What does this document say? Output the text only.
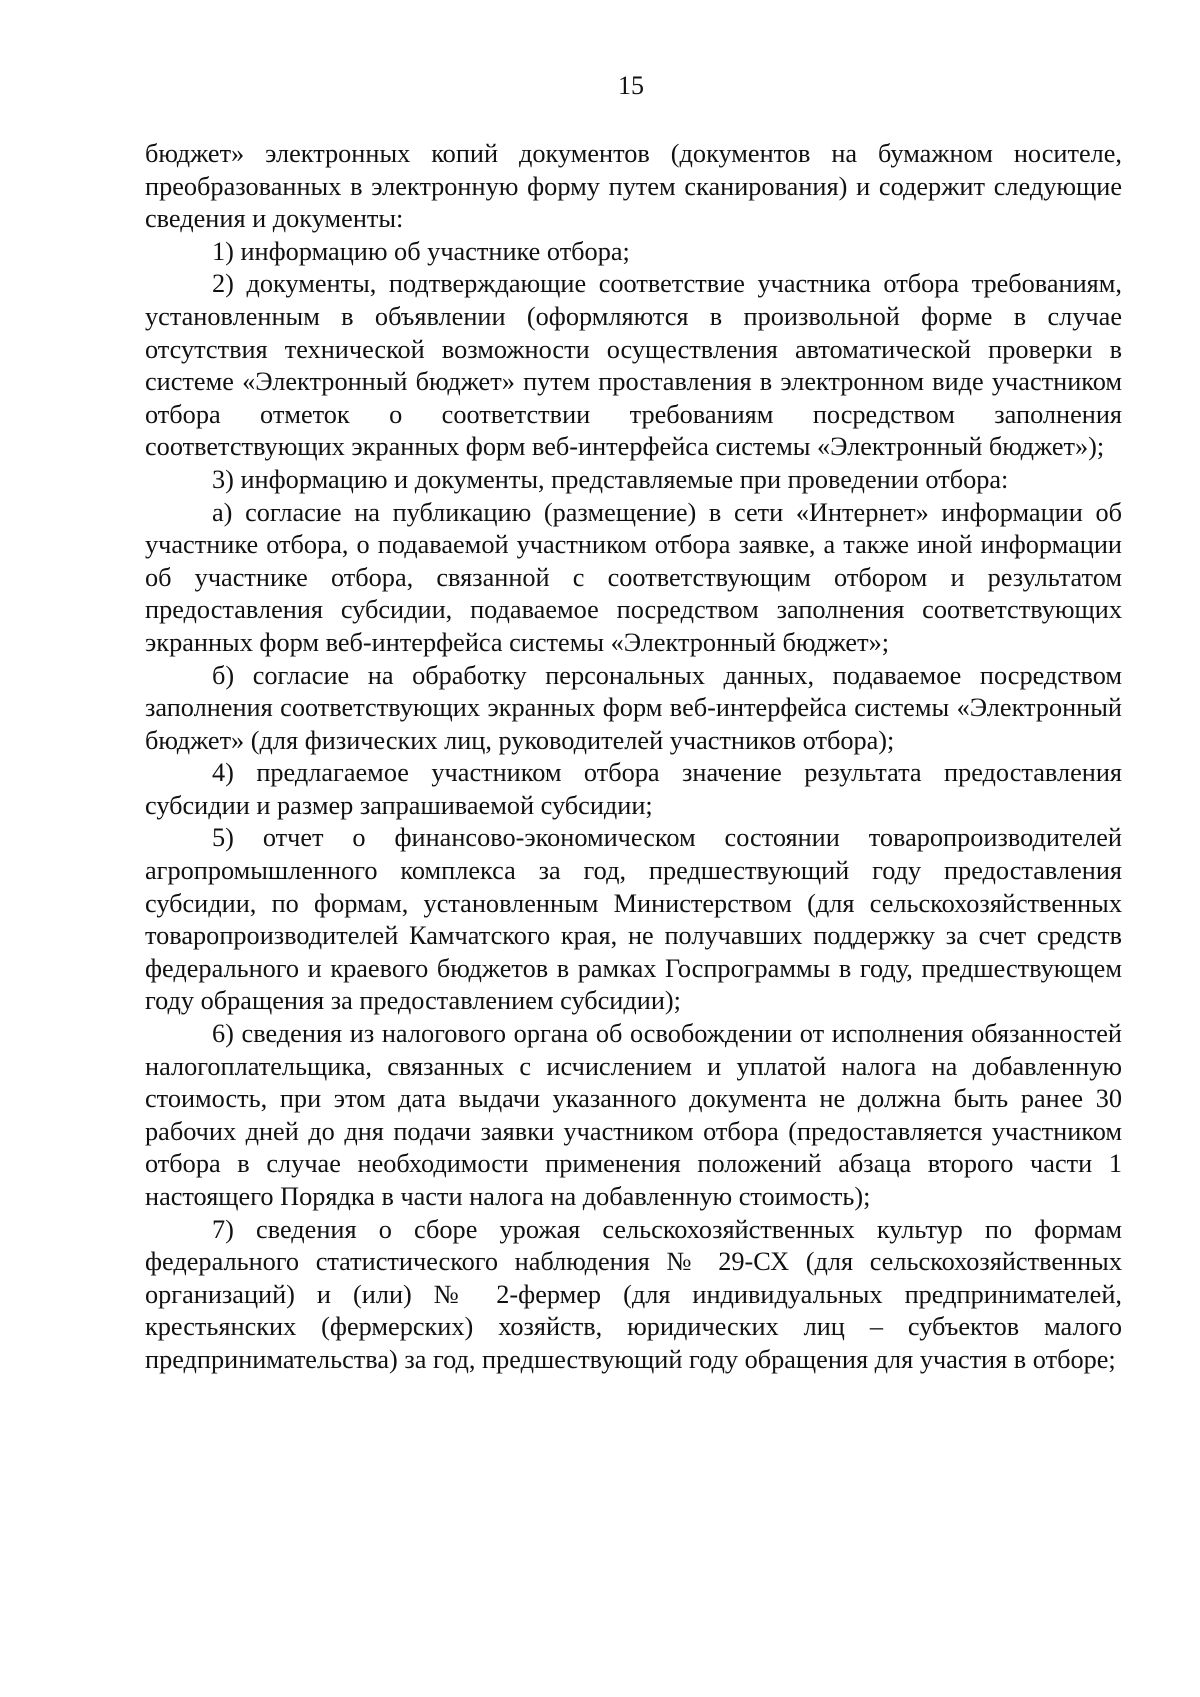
15

бюджет» электронных копий документов (документов на бумажном носителе, преобразованных в электронную форму путем сканирования) и содержит следующие сведения и документы:

1) информацию об участнике отбора;

2) документы, подтверждающие соответствие участника отбора требованиям, установленным в объявлении (оформляются в произвольной форме в случае отсутствия технической возможности осуществления автоматической проверки в системе «Электронный бюджет» путем проставления в электронном виде участником отбора отметок о соответствии требованиям посредством заполнения соответствующих экранных форм веб-интерфейса системы «Электронный бюджет»);

3) информацию и документы, представляемые при проведении отбора:

а) согласие на публикацию (размещение) в сети «Интернет» информации об участнике отбора, о подаваемой участником отбора заявке, а также иной информации об участнике отбора, связанной с соответствующим отбором и результатом предоставления субсидии, подаваемое посредством заполнения соответствующих экранных форм веб-интерфейса системы «Электронный бюджет»;

б) согласие на обработку персональных данных, подаваемое посредством заполнения соответствующих экранных форм веб-интерфейса системы «Электронный бюджет» (для физических лиц, руководителей участников отбора);

4) предлагаемое участником отбора значение результата предоставления субсидии и размер запрашиваемой субсидии;

5) отчет о финансово-экономическом состоянии товаропроизводителей агропромышленного комплекса за год, предшествующий году предоставления субсидии, по формам, установленным Министерством (для сельскохозяйственных товаропроизводителей Камчатского края, не получавших поддержку за счет средств федерального и краевого бюджетов в рамках Госпрограммы в году, предшествующем году обращения за предоставлением субсидии);

6) сведения из налогового органа об освобождении от исполнения обязанностей налогоплательщика, связанных с исчислением и уплатой налога на добавленную стоимость, при этом дата выдачи указанного документа не должна быть ранее 30 рабочих дней до дня подачи заявки участником отбора (предоставляется участником отбора в случае необходимости применения положений абзаца второго части 1 настоящего Порядка в части налога на добавленную стоимость);

7) сведения о сборе урожая сельскохозяйственных культур по формам федерального статистического наблюдения № 29-СХ (для сельскохозяйственных организаций) и (или) № 2-фермер (для индивидуальных предпринимателей, крестьянских (фермерских) хозяйств, юридических лиц – субъектов малого предпринимательства) за год, предшествующий году обращения для участия в отборе;
